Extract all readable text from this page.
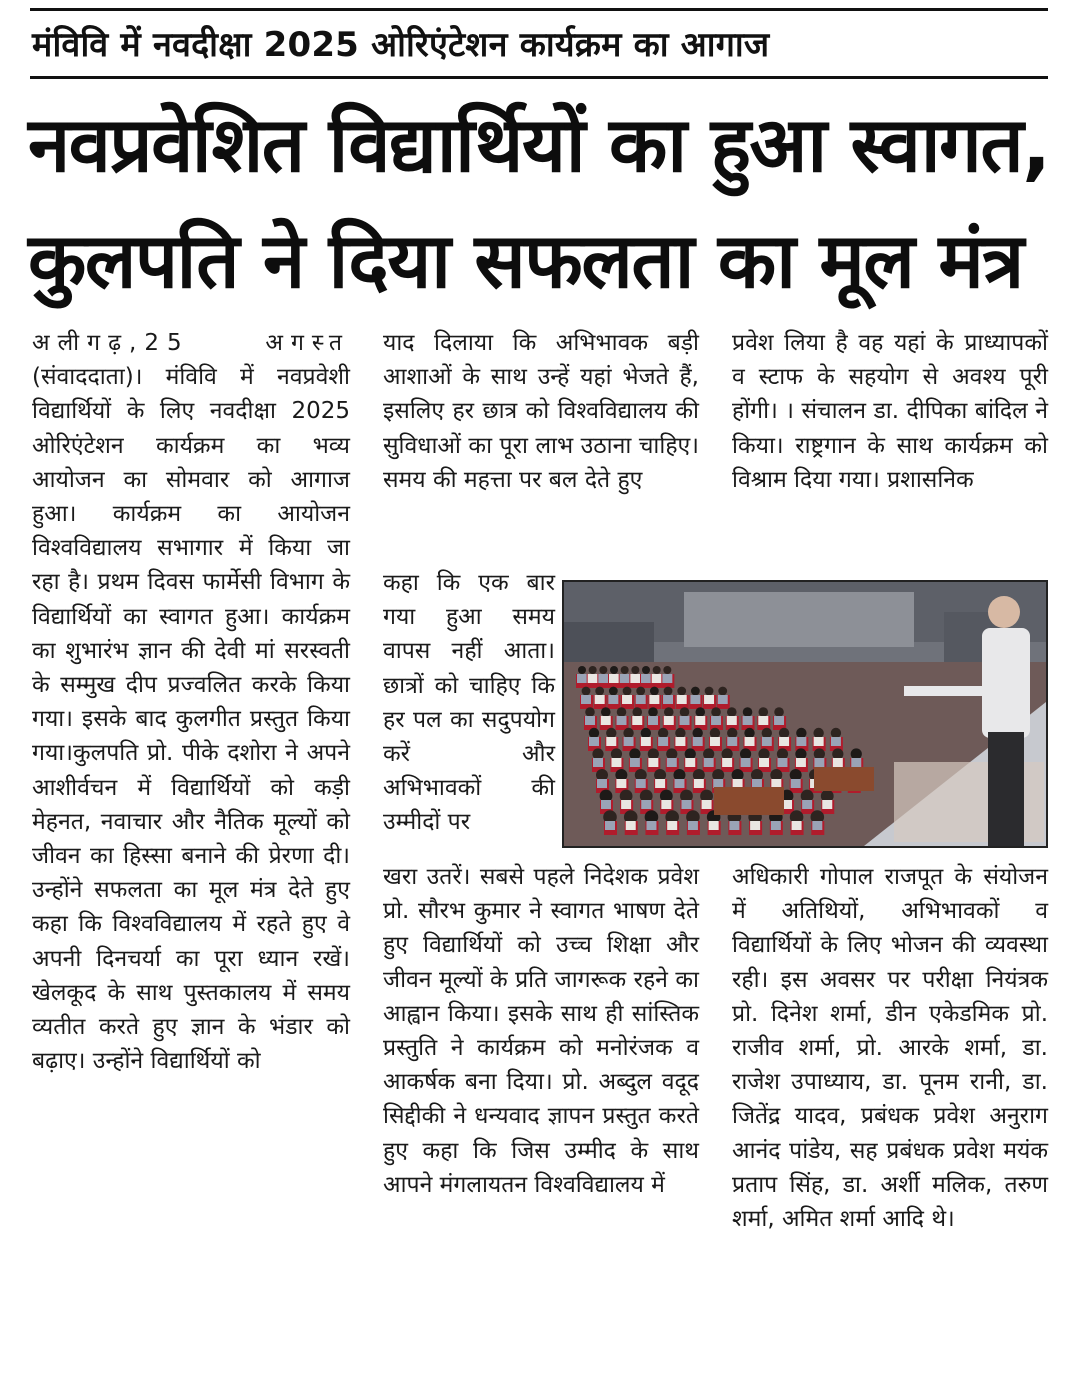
मंविवि में नवदीक्षा 2025 ओरिएंटेशन कार्यक्रम का आगाज
नवप्रवेशित विद्यार्थियों का हुआ स्वागत,
कुलपति ने दिया सफलता का मूल मंत्र

अलीगढ़,25 अगस्त (संवाददाता)। मंविवि में नवप्रवेशी विद्यार्थियों के लिए नवदीक्षा 2025 ओरिएंटेशन कार्यक्रम का भव्य आयोजन का सोमवार को आगाज हुआ। कार्यक्रम का आयोजन विश्वविद्यालय सभागार में किया जा रहा है। प्रथम दिवस फार्मेसी विभाग के विद्यार्थियों का स्वागत हुआ। कार्यक्रम का शुभारंभ ज्ञान की देवी मां सरस्वती के सम्मुख दीप प्रज्वलित करके किया गया। इसके बाद कुलगीत प्रस्तुत किया गया।कुलपति प्रो. पीके दशोरा ने अपने आशीर्वचन में विद्यार्थियों को कड़ी मेहनत, नवाचार और नैतिक मूल्यों को जीवन का हिस्सा बनाने की प्रेरणा दी। उन्होंने सफलता का मूल मंत्र देते हुए कहा कि विश्वविद्यालय में रहते हुए वे अपनी दिनचर्या का पूरा ध्यान रखें। खेलकूद के साथ पुस्तकालय में समय व्यतीत करते हुए ज्ञान के भंडार को बढ़ाए। उन्होंने विद्यार्थियों को

याद दिलाया कि अभिभावक बड़ी आशाओं के साथ उन्हें यहां भेजते हैं, इसलिए हर छात्र को विश्वविद्यालय की सुविधाओं का पूरा लाभ उठाना चाहिए। समय की महत्ता पर बल देते हुए

कहा कि एक बार गया हुआ समय वापस नहीं आता। छात्रों को चाहिए कि हर पल का सदुपयोग करें और अभिभावकों की उम्मीदों पर

खरा उतरें। सबसे पहले निदेशक प्रवेश प्रो. सौरभ कुमार ने स्वागत भाषण देते हुए विद्यार्थियों को उच्च शिक्षा और जीवन मूल्यों के प्रति जागरूक रहने का आह्वान किया। इसके साथ ही सांस्तिक प्रस्तुति ने कार्यक्रम को मनोरंजक व आकर्षक बना दिया। प्रो. अब्दुल वदूद सिद्दीकी ने धन्यवाद ज्ञापन प्रस्तुत करते हुए कहा कि जिस उम्मीद के साथ आपने मंगलायतन विश्वविद्यालय में

प्रवेश लिया है वह यहां के प्राध्यापकों व स्टाफ के सहयोग से अवश्य पूरी होंगी। । संचालन डा. दीपिका बांदिल ने किया। राष्ट्रगान के साथ कार्यक्रम को विश्राम दिया गया। प्रशासनिक

अधिकारी गोपाल राजपूत के संयोजन में अतिथियों, अभिभावकों व विद्यार्थियों के लिए भोजन की व्यवस्था रही। इस अवसर पर परीक्षा नियंत्रक प्रो. दिनेश शर्मा, डीन एकेडमिक प्रो. राजीव शर्मा, प्रो. आरके शर्मा, डा. राजेश उपाध्याय, डा. पूनम रानी, डा. जितेंद्र यादव, प्रबंधक प्रवेश अनुराग आनंद पांडेय, सह प्रबंधक प्रवेश मयंक प्रताप सिंह, डा. अर्शी मलिक, तरुण शर्मा, अमित शर्मा आदि थे।
